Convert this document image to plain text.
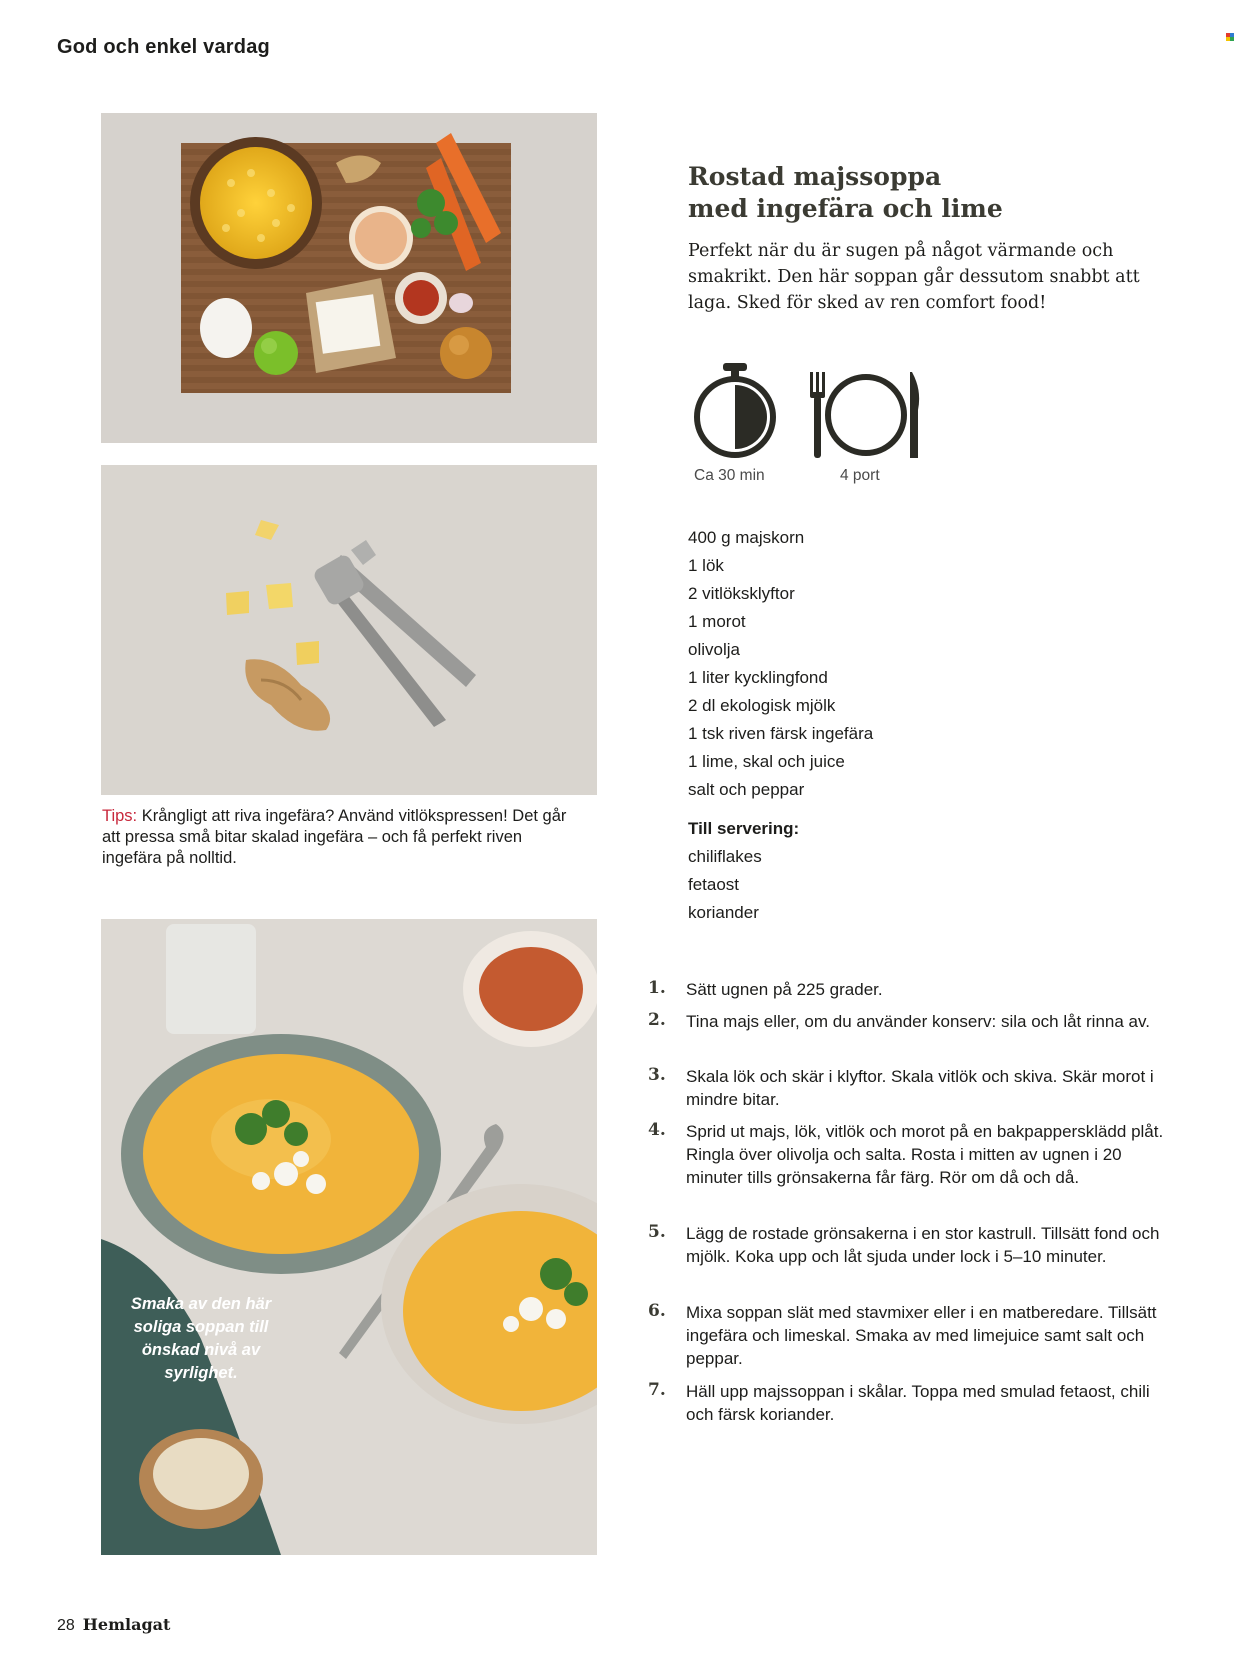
God och enkel vardag
Tips: Krångligt att riva ingefära? Använd vitlökspressen! Det går att pressa små bitar skalad ingefära – och få perfekt riven ingefära på nolltid.
Smaka av den här soliga soppan till önskad nivå av syrlighet.
Rostad majssoppa
med ingefära och lime
Perfekt när du är sugen på något värmande och smakrikt. Den här soppan går dessutom snabbt att laga. Sked för sked av ren comfort food!
Ca 30 min	4 port
400 g majskorn
1 lök
2 vitlöksklyftor
1 morot
olivolja
1 liter kycklingfond
2 dl ekologisk mjölk
1 tsk riven färsk ingefära
1 lime, skal och juice
salt och peppar
Till servering:
chiliflakes
fetaost
koriander
1. Sätt ugnen på 225 grader.
2. Tina majs eller, om du använder konserv: sila och låt rinna av.
3. Skala lök och skär i klyftor. Skala vitlök och skiva. Skär morot i mindre bitar.
4. Sprid ut majs, lök, vitlök och morot på en bakpappersklädd plåt. Ringla över olivolja och salta. Rosta i mitten av ugnen i 20 minuter tills grönsakerna får färg. Rör om då och då.
5. Lägg de rostade grönsakerna i en stor kastrull. Tillsätt fond och mjölk. Koka upp och låt sjuda under lock i 5–10 minuter.
6. Mixa soppan slät med stavmixer eller i en matberedare. Tillsätt ingefära och limeskal. Smaka av med limejuice samt salt och peppar.
7. Häll upp majssoppan i skålar. Toppa med smulad fetaost, chili och färsk koriander.
28 Hemlagat
